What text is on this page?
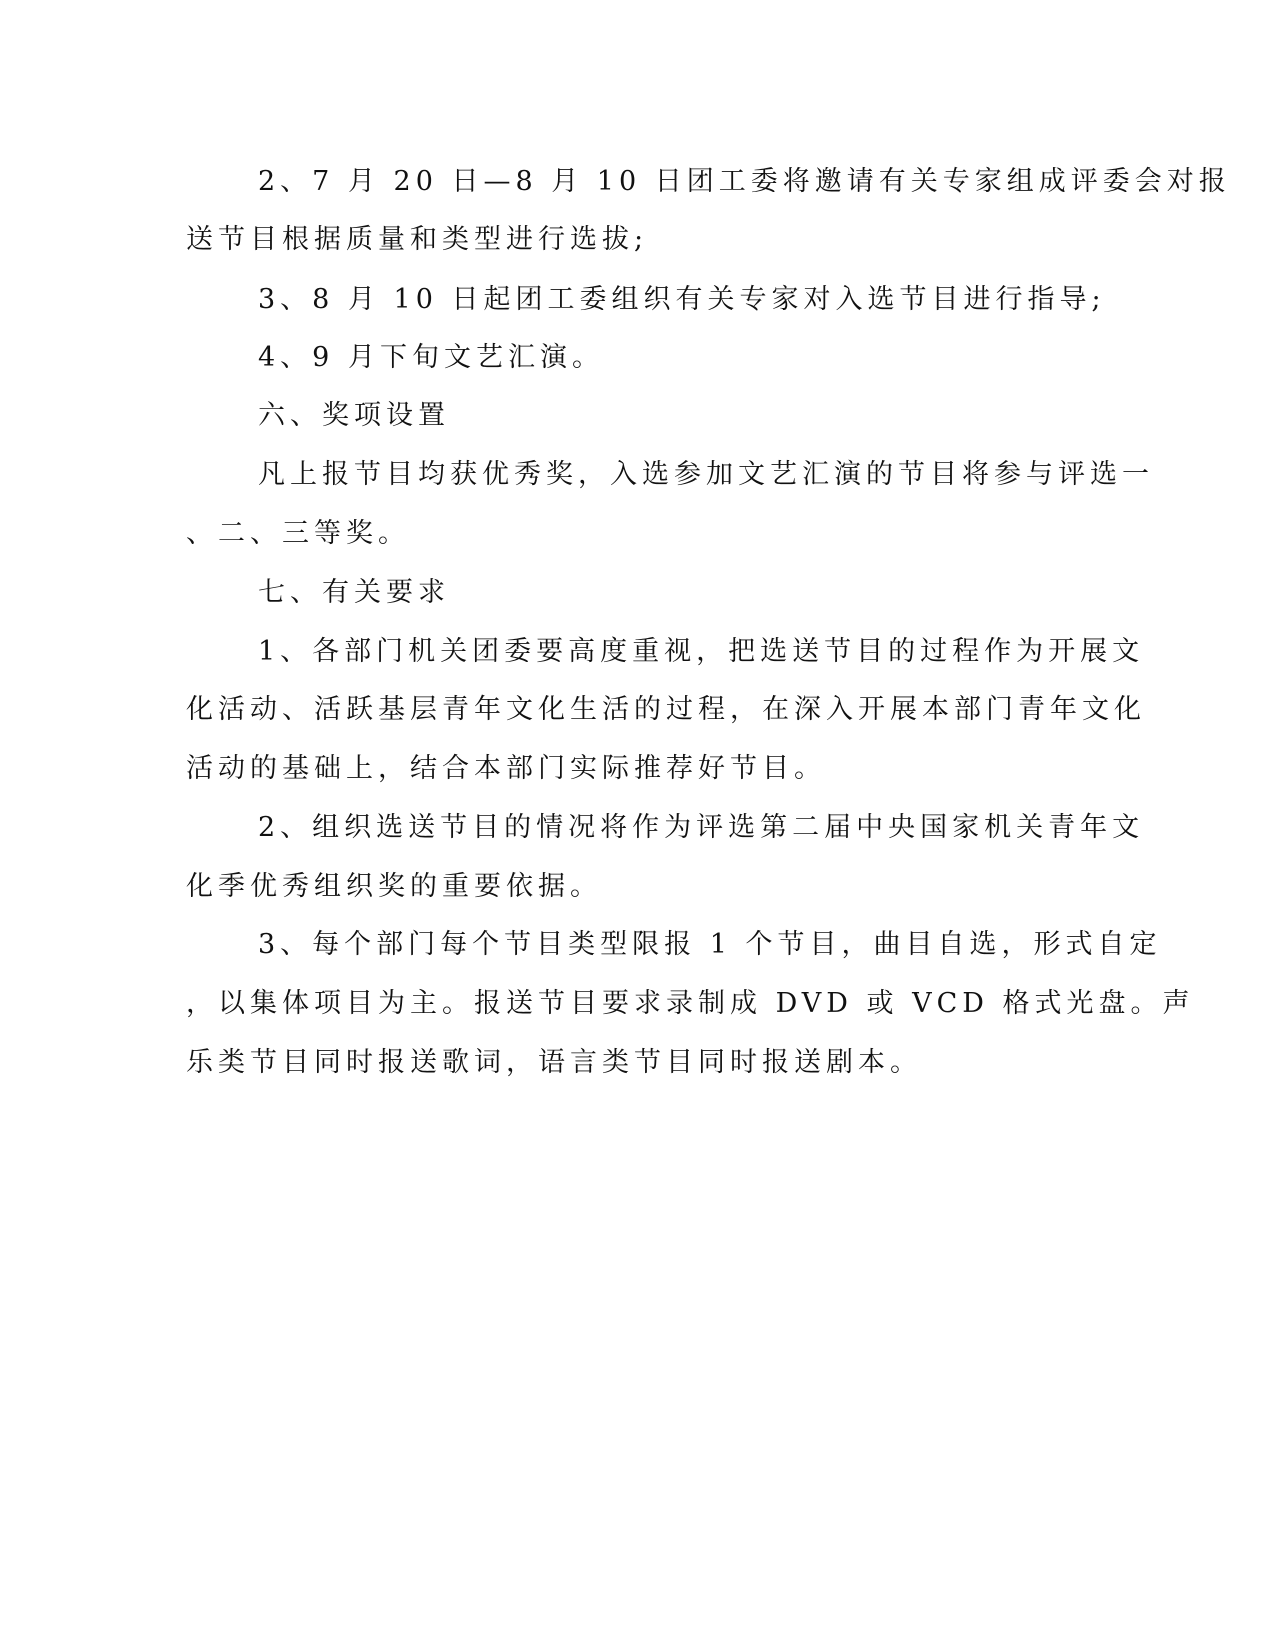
2、7 月 20 日—8 月 10 日团工委将邀请有关专家组成评委会对报
送节目根据质量和类型进行选拔;
3、8 月 10 日起团工委组织有关专家对入选节目进行指导;
4、9 月下旬文艺汇演。
六、奖项设置
凡上报节目均获优秀奖，入选参加文艺汇演的节目将参与评选一
、二、三等奖。
七、有关要求
1、各部门机关团委要高度重视，把选送节目的过程作为开展文
化活动、活跃基层青年文化生活的过程，在深入开展本部门青年文化
活动的基础上，结合本部门实际推荐好节目。
2、组织选送节目的情况将作为评选第二届中央国家机关青年文
化季优秀组织奖的重要依据。
3、每个部门每个节目类型限报 1 个节目，曲目自选，形式自定
，以集体项目为主。报送节目要求录制成 DVD 或 VCD 格式光盘。声
乐类节目同时报送歌词，语言类节目同时报送剧本。
